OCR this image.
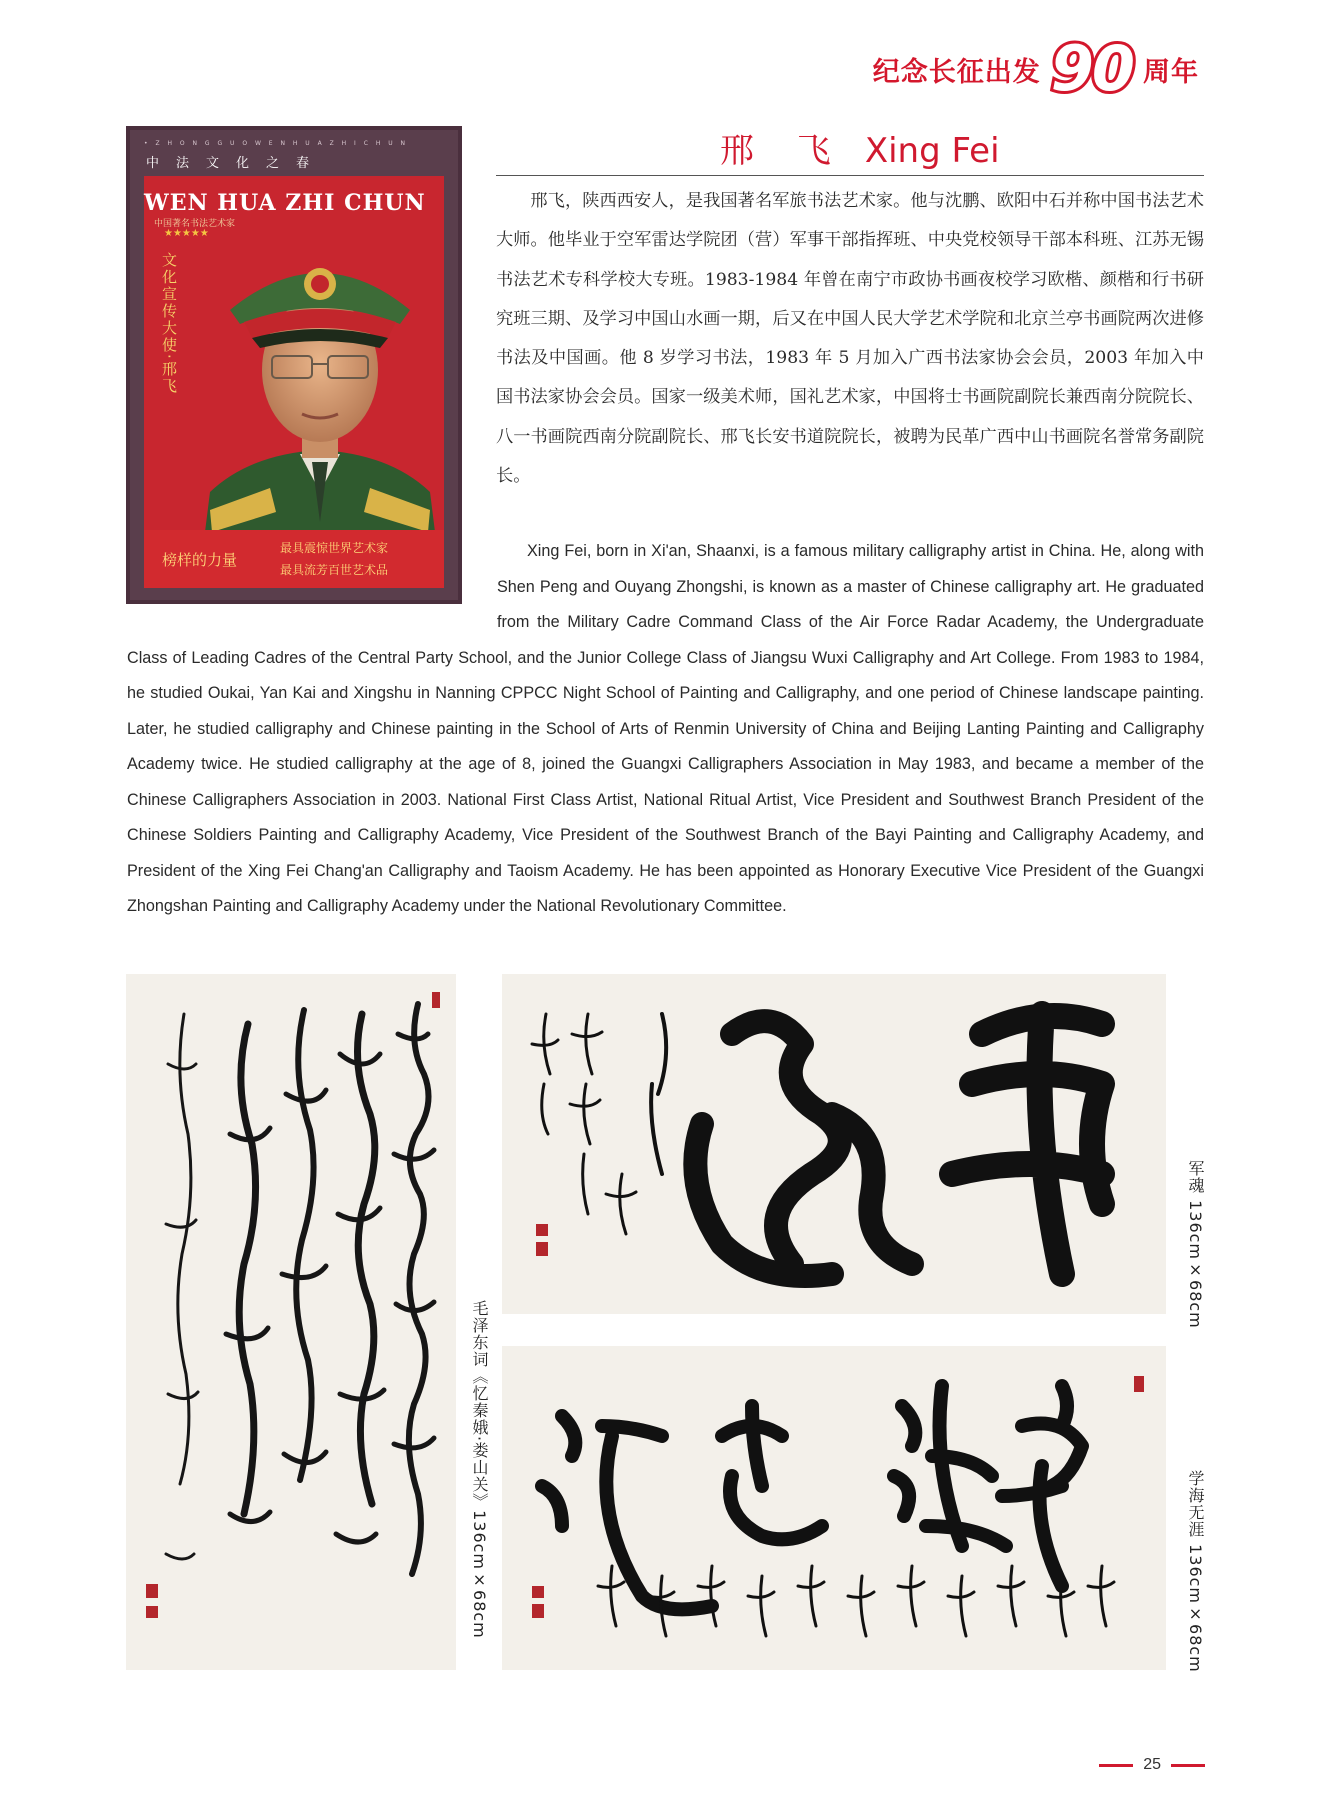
纪念长征出发 90 周年
• Z H O N G G U O W E N H U A Z H I C H U N
中法文化之春
WEN HUA ZHI CHUN
中国著名书法艺术家
★★★★★
文化宣传大使·邢飞
榜样的力量
最具震惊世界艺术家
最具流芳百世艺术品
邢 飞 Xing Fei

邢飞，陕西西安人，是我国著名军旅书法艺术家。他与沈鹏、欧阳中石并称中国书法艺术大师。他毕业于空军雷达学院团（营）军事干部指挥班、中央党校领导干部本科班、江苏无锡书法艺术专科学校大专班。1983-1984 年曾在南宁市政协书画夜校学习欧楷、颜楷和行书研究班三期、及学习中国山水画一期，后又在中国人民大学艺术学院和北京兰亭书画院两次进修书法及中国画。他 8 岁学习书法，1983 年 5 月加入广西书法家协会会员，2003 年加入中国书法家协会会员。国家一级美术师，国礼艺术家，中国将士书画院副院长兼西南分院院长、八一书画院西南分院副院长、邢飞长安书道院院长，被聘为民革广西中山书画院名誉常务副院长。

Xing Fei, born in Xi'an, Shaanxi, is a famous military calligraphy artist in China. He, along with Shen Peng and Ouyang Zhongshi, is known as a master of Chinese calligraphy art. He graduated from the Military Cadre Command Class of the Air Force Radar Academy, the Undergraduate Class of Leading Cadres of the Central Party School, and the Junior College Class of Jiangsu Wuxi Calligraphy and Art College. From 1983 to 1984, he studied Oukai, Yan Kai and Xingshu in Nanning CPPCC Night School of Painting and Calligraphy, and one period of Chinese landscape painting. Later, he studied calligraphy and Chinese painting in the School of Arts of Renmin University of China and Beijing Lanting Painting and Calligraphy Academy twice. He studied calligraphy at the age of 8, joined the Guangxi Calligraphers Association in May 1983, and became a member of the Chinese Calligraphers Association in 2003. National First Class Artist, National Ritual Artist, Vice President and Southwest Branch President of the Chinese Soldiers Painting and Calligraphy Academy, Vice President of the Southwest Branch of the Bayi Painting and Calligraphy Academy, and President of the Xing Fei Chang'an Calligraphy and Taoism Academy. He has been appointed as Honorary Executive Vice President of the Guangxi Zhongshan Painting and Calligraphy Academy under the National Revolutionary Committee.

毛泽东词《忆秦娥·娄山关》136cm×68cm
军魂 136cm×68cm
学海无涯 136cm×68cm
25
